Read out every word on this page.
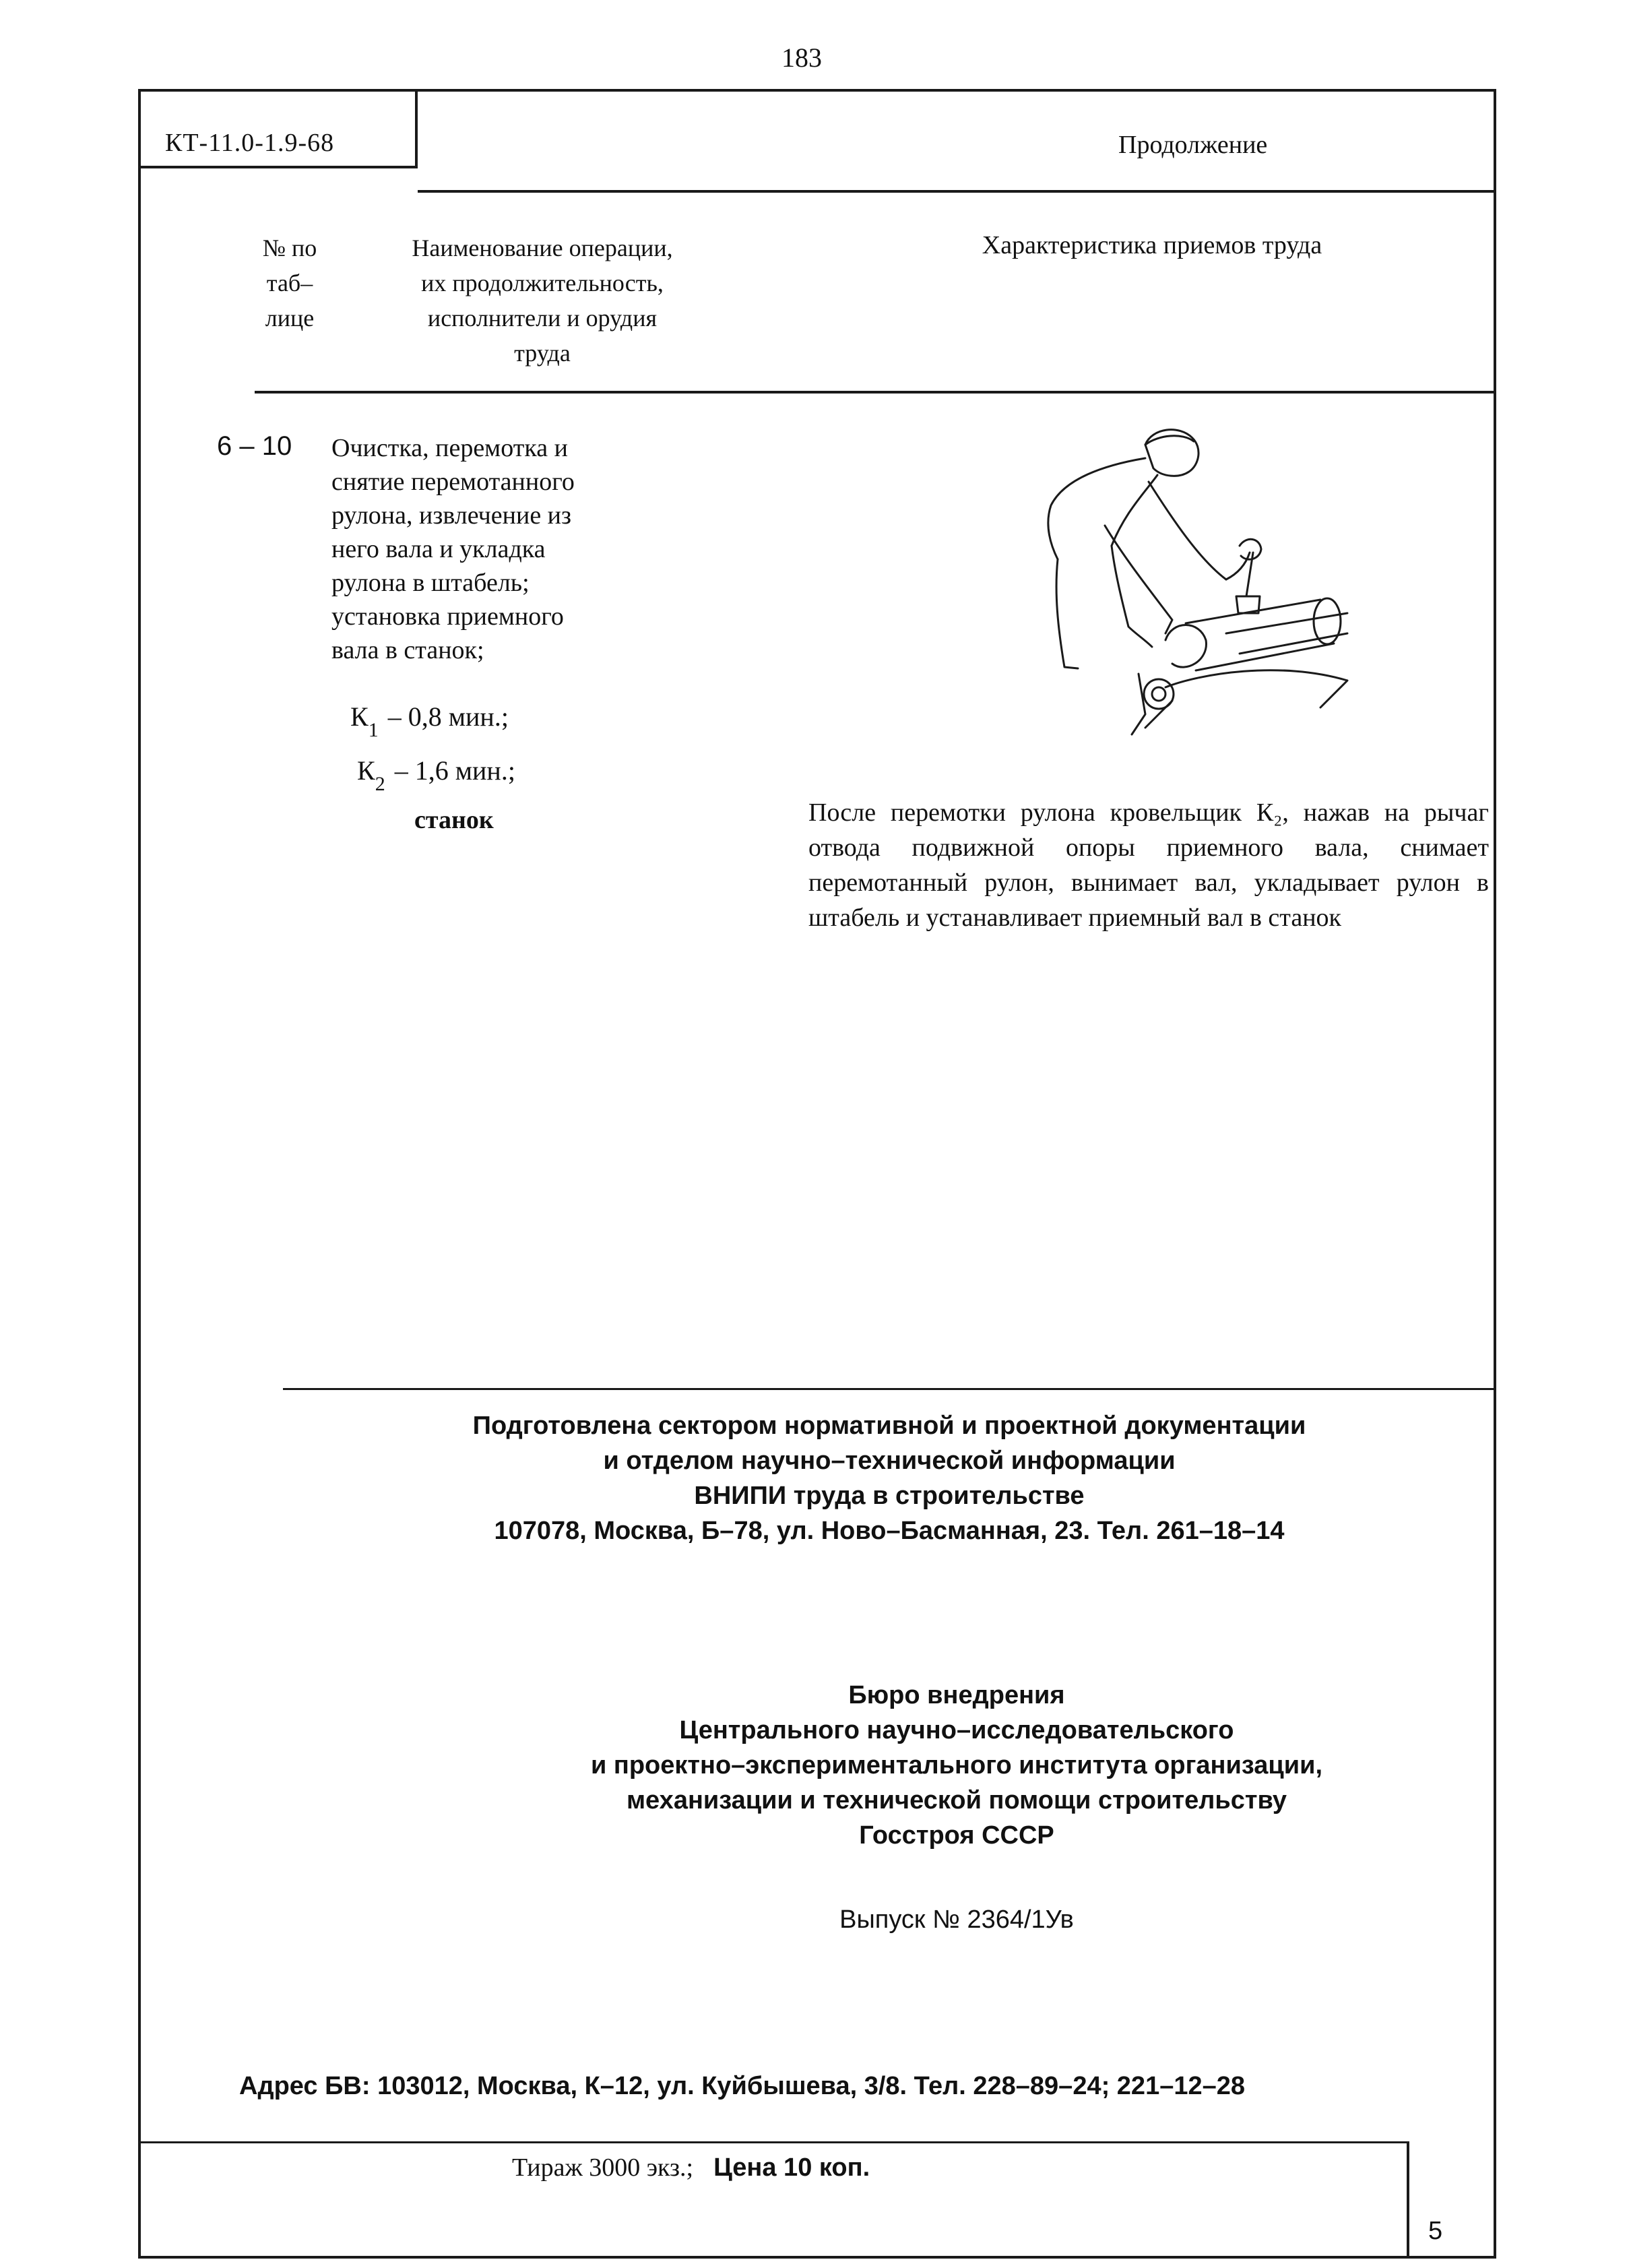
183
КТ-11.0-1.9-68	Продолжение
№ по
таб–
лице
Наименование операции,
их продолжительность,
исполнители и орудия
труда
Характеристика приемов труда
6 – 10 Очистка, перемотка и
снятие перемотанного
рулона, извлечение из
него вала и укладка
рулона в штабель;
установка приемного
вала в станок;
$К_1 - 0,8$ мин.;
$К_2 - 1,6$ мин.;
станок	После перемотки рулона кровельщик К₂, нажав на рычаг отвода подвижной опоры приемного вала, снимает перемотанный рулон, вынимает вал, укладывает рулон в штабель и устанавливает приемный вал в станок
Подготовлена сектором нормативной и проектной документации
и отделом научно–технической информации
ВНИПИ труда в строительстве
107078, Москва, Б–78, ул. Ново–Басманная, 23. Тел. 261–18–14
Бюро внедрения
Центрального научно–исследовательского
и проектно–экспериментального института организации,
механизации и технической помощи строительству
Госстроя СССР
Выпуск № 2364/1Ув
Адрес БВ: 103012, Москва, К–12, ул. Куйбышева, 3/8. Тел. 228–89–24; 221–12–28
Тираж 3000 экз.; Цена 10 коп.
5
